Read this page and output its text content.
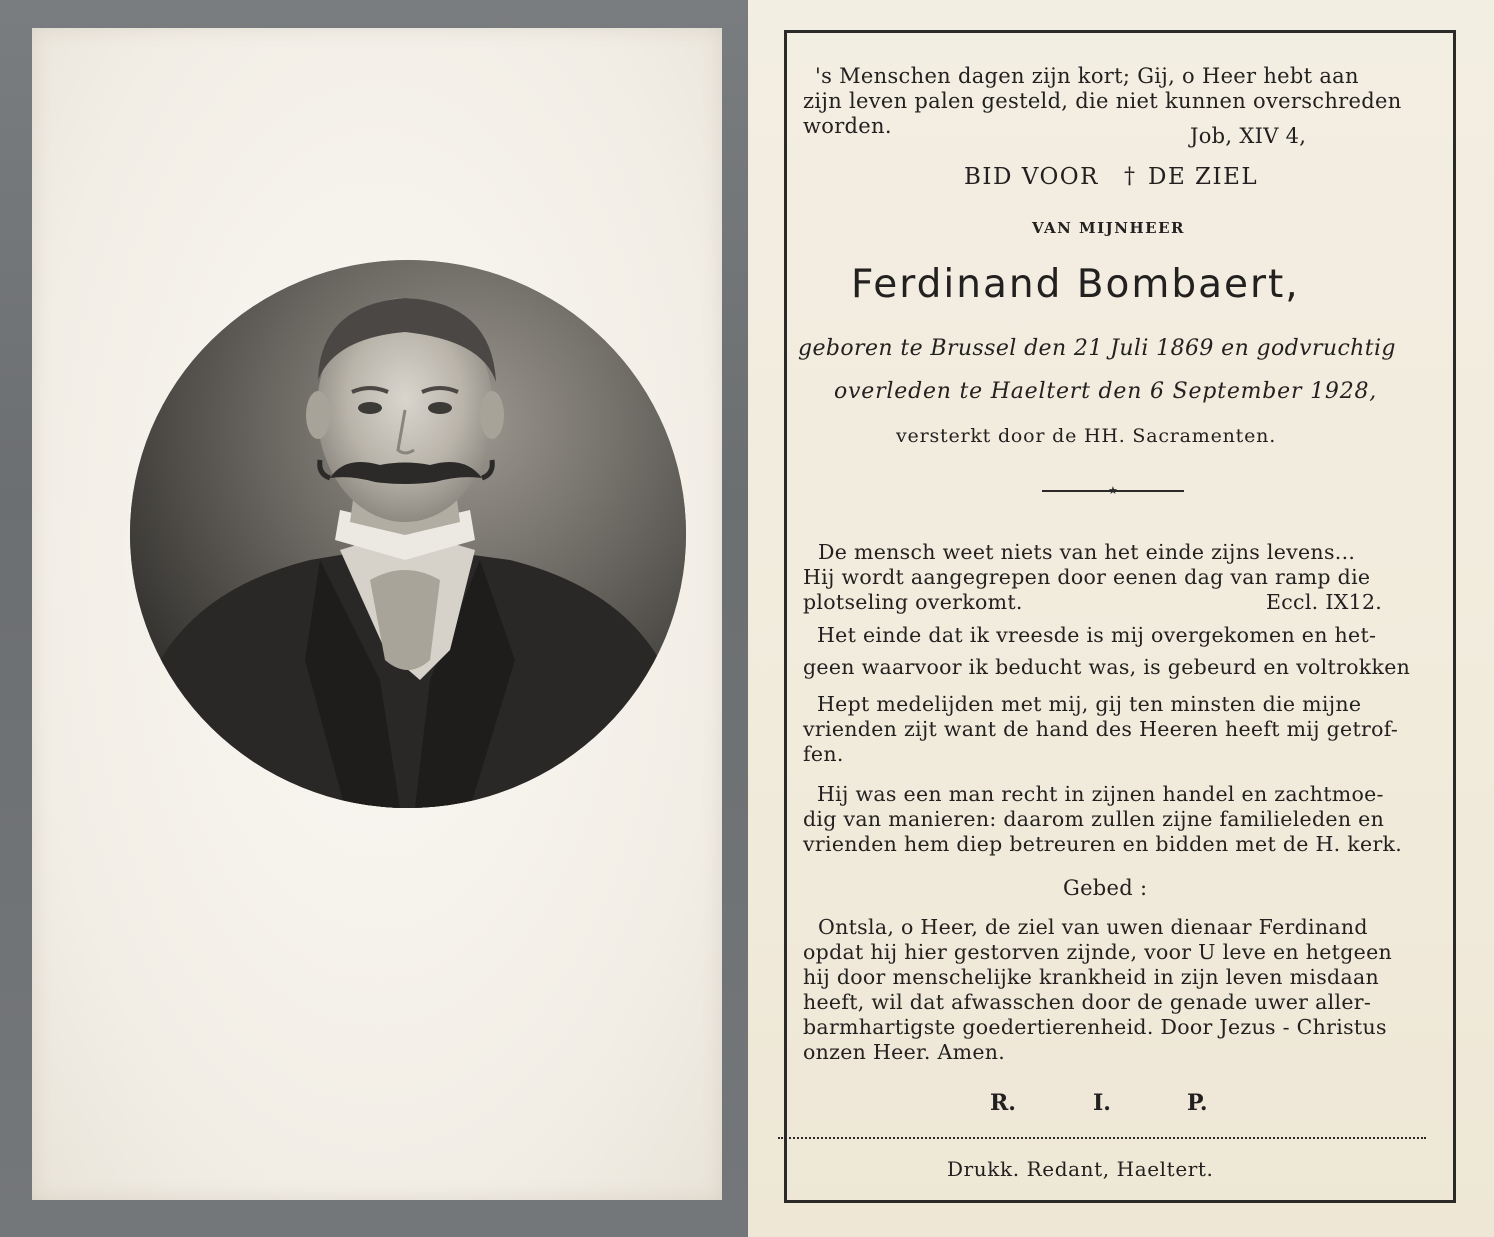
's Menschen dagen zijn kort; Gij, o Heer hebt aan

zijn leven palen gesteld, die niet kunnen overschreden

worden.	Job, XIV 4,

BID VOOR † DE ZIEL

VAN MIJNHEER

Ferdinand Bombaert,

geboren te Brussel den 21 Juli 1869 en godvruchtig

overleden te Haeltert den 6 September 1928,

versterkt door de HH. Sacramenten.

★

De mensch weet niets van het einde zijns levens...

Hij wordt aangegrepen door eenen dag van ramp die

plotseling overkomt.	Eccl. IX12.

Het einde dat ik vreesde is mij overgekomen en het-

geen waarvoor ik beducht was, is gebeurd en voltrokken

Hept medelijden met mij, gij ten minsten die mijne

vrienden zijt want de hand des Heeren heeft mij getrof-

fen.

Hij was een man recht in zijnen handel en zachtmoe-

dig van manieren: daarom zullen zijne familieleden en

vrienden hem diep betreuren en bidden met de H. kerk.

Gebed :

Ontsla, o Heer, de ziel van uwen dienaar Ferdinand

opdat hij hier gestorven zijnde, voor U leve en hetgeen

hij door menschelijke krankheid in zijn leven misdaan

heeft, wil dat afwasschen door de genade uwer aller-

barmhartigste goedertierenheid. Door Jezus - Christus

onzen Heer. Amen.

R.	I.	P.

Drukk. Redant, Haeltert.
